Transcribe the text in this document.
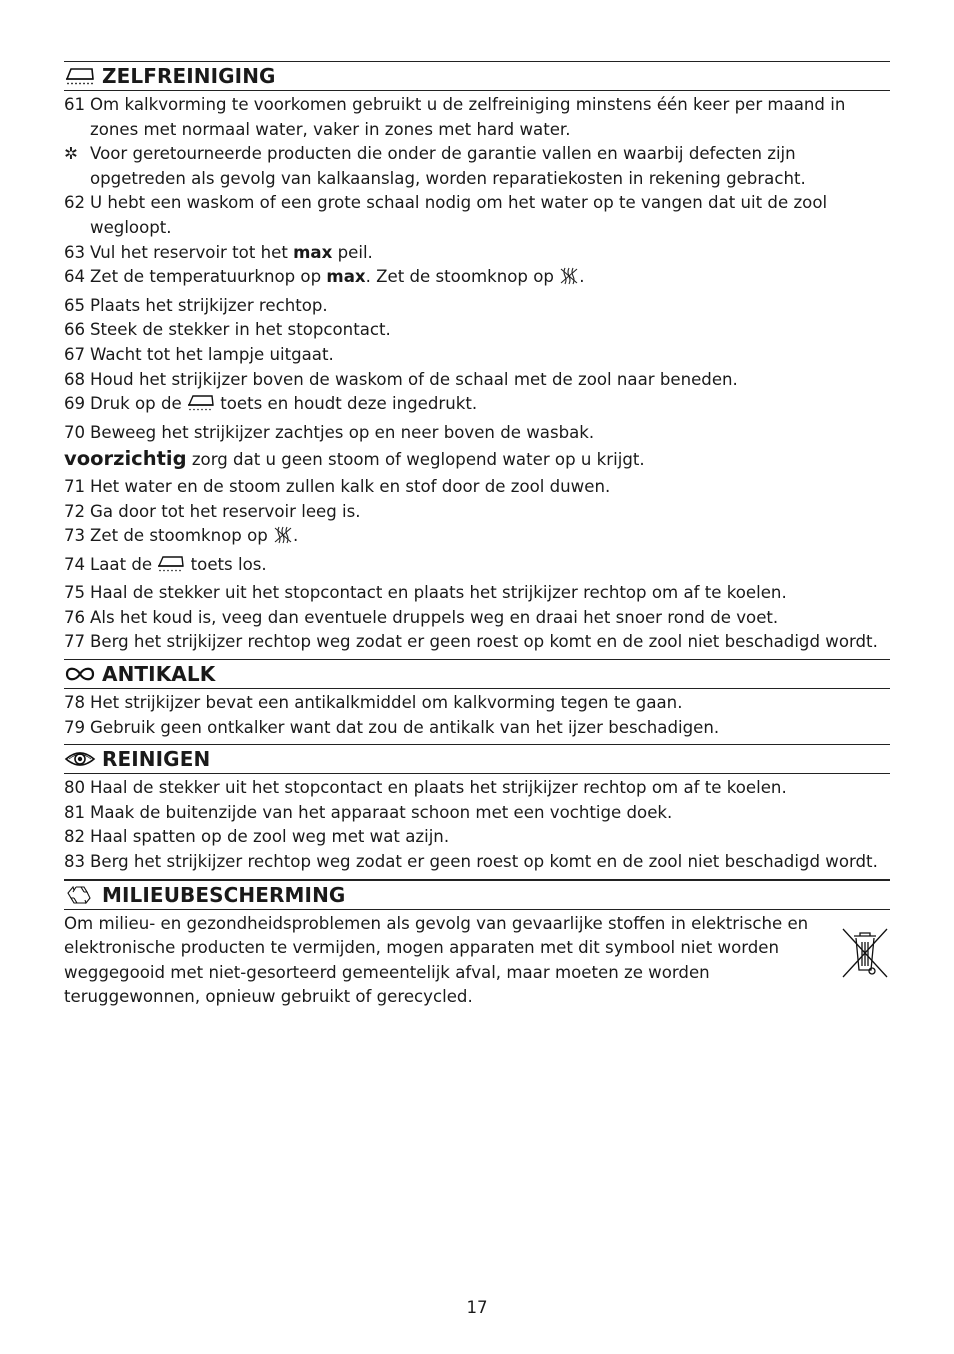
ZELFREINIGING
61 Om kalkvorming te voorkomen gebruikt u de zelfreiniging minstens één keer per maand in zones met normaal water, vaker in zones met hard water.
✲ Voor geretourneerde producten die onder de garantie vallen en waarbij defecten zijn opgetreden als gevolg van kalkaanslag, worden reparatiekosten in rekening gebracht.
62 U hebt een waskom of een grote schaal nodig om het water op te vangen dat uit de zool wegloopt.
63 Vul het reservoir tot het max peil.
64 Zet de temperatuurknop op max. Zet de stoomknop op .
65 Plaats het strijkijzer rechtop.
66 Steek de stekker in het stopcontact.
67 Wacht tot het lampje uitgaat.
68 Houd het strijkijzer boven de waskom of de schaal met de zool naar beneden.
69 Druk op de  toets en houdt deze ingedrukt.
70 Beweeg het strijkijzer zachtjes op en neer boven de wasbak.
voorzichtig zorg dat u geen stoom of weglopend water op u krijgt.
71 Het water en de stoom zullen kalk en stof door de zool duwen.
72 Ga door tot het reservoir leeg is.
73 Zet de stoomknop op .
74 Laat de  toets los.
75 Haal de stekker uit het stopcontact en plaats het strijkijzer rechtop om af te koelen.
76 Als het koud is, veeg dan eventuele druppels weg en draai het snoer rond de voet.
77 Berg het strijkijzer rechtop weg zodat er geen roest op komt en de zool niet beschadigd wordt.
ANTIKALK
78 Het strijkijzer bevat een antikalkmiddel om kalkvorming tegen te gaan.
79 Gebruik geen ontkalker want dat zou de antikalk van het ijzer beschadigen.
REINIGEN
80 Haal de stekker uit het stopcontact en plaats het strijkijzer rechtop om af te koelen.
81 Maak de buitenzijde van het apparaat schoon met een vochtige doek.
82 Haal spatten op de zool weg met wat azijn.
83 Berg het strijkijzer rechtop weg zodat er geen roest op komt en de zool niet beschadigd wordt.
MILIEUBESCHERMING
Om milieu- en gezondheidsproblemen als gevolg van gevaarlijke stoffen in elektrische en elektronische producten te vermijden, mogen apparaten met dit symbool niet worden weggegooid met niet-gesorteerd gemeentelijk afval, maar moeten ze worden teruggewonnen, opnieuw gebruikt of gerecycled.
17
